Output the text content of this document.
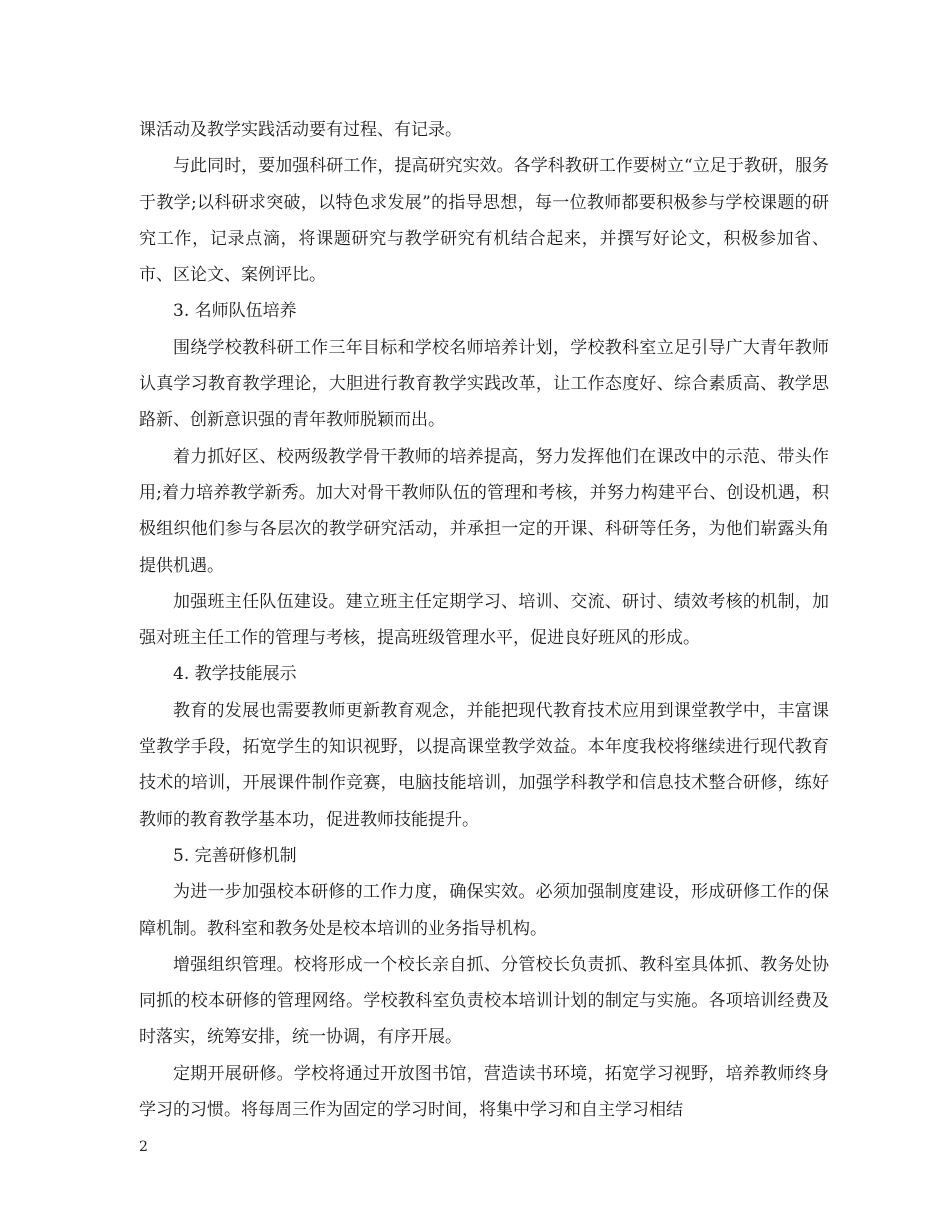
课活动及教学实践活动要有过程、有记录。

与此同时，要加强科研工作，提高研究实效。各学科教研工作要树立“立足于教研，服务于教学;以科研求突破，以特色求发展”的指导思想，每一位教师都要积极参与学校课题的研究工作，记录点滴，将课题研究与教学研究有机结合起来，并撰写好论文，积极参加省、市、区论文、案例评比。

3. 名师队伍培养

围绕学校教科研工作三年目标和学校名师培养计划，学校教科室立足引导广大青年教师认真学习教育教学理论，大胆进行教育教学实践改革，让工作态度好、综合素质高、教学思路新、创新意识强的青年教师脱颖而出。

着力抓好区、校两级教学骨干教师的培养提高，努力发挥他们在课改中的示范、带头作用;着力培养教学新秀。加大对骨干教师队伍的管理和考核，并努力构建平台、创设机遇，积极组织他们参与各层次的教学研究活动，并承担一定的开课、科研等任务，为他们崭露头角提供机遇。

加强班主任队伍建设。建立班主任定期学习、培训、交流、研讨、绩效考核的机制，加强对班主任工作的管理与考核，提高班级管理水平，促进良好班风的形成。

4. 教学技能展示

教育的发展也需要教师更新教育观念，并能把现代教育技术应用到课堂教学中，丰富课堂教学手段，拓宽学生的知识视野，以提高课堂教学效益。本年度我校将继续进行现代教育技术的培训，开展课件制作竞赛，电脑技能培训，加强学科教学和信息技术整合研修，练好教师的教育教学基本功，促进教师技能提升。

5. 完善研修机制

为进一步加强校本研修的工作力度，确保实效。必须加强制度建设，形成研修工作的保障机制。教科室和教务处是校本培训的业务指导机构。

增强组织管理。校将形成一个校长亲自抓、分管校长负责抓、教科室具体抓、教务处协同抓的校本研修的管理网络。学校教科室负责校本培训计划的制定与实施。各项培训经费及时落实，统筹安排，统一协调，有序开展。

定期开展研修。学校将通过开放图书馆，营造读书环境，拓宽学习视野，培养教师终身学习的习惯。将每周三作为固定的学习时间，将集中学习和自主学习相结

2
